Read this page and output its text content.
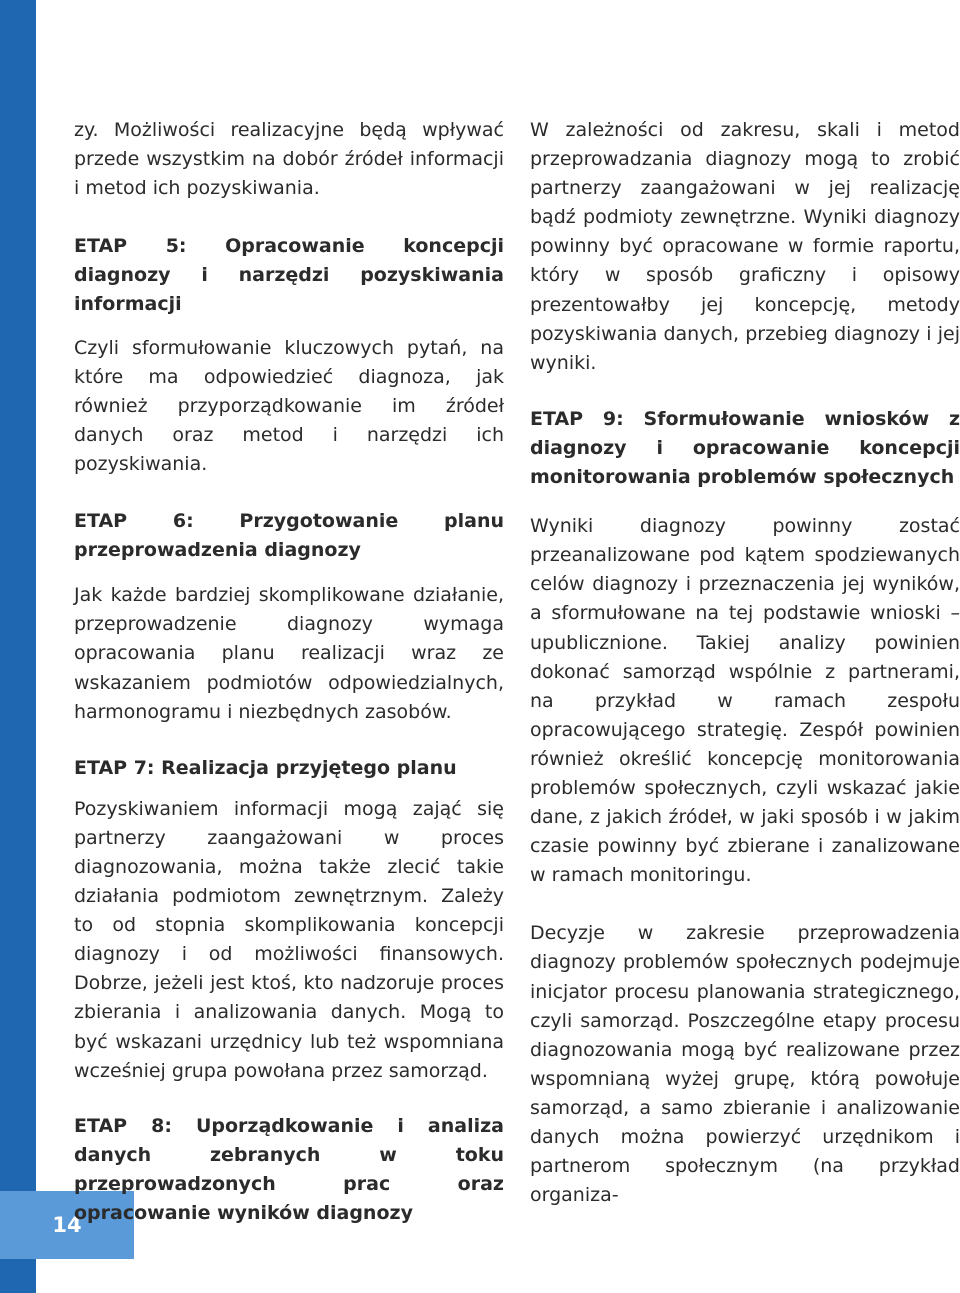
14

zy. Możliwości realizacyjne będą wpływać przede wszystkim na dobór źródeł informacji i metod ich pozyskiwania.

ETAP 5: Opracowanie koncepcji diagnozy i narzędzi pozyskiwania informacji

Czyli sformułowanie kluczowych pytań, na które ma odpowiedzieć diagnoza, jak również przyporządkowanie im źródeł danych oraz metod i narzędzi ich pozyskiwania.

ETAP 6: Przygotowanie planu przeprowadzenia diagnozy

Jak każde bardziej skomplikowane działanie, przeprowadzenie diagnozy wymaga opracowania planu realizacji wraz ze wskazaniem podmiotów odpowiedzialnych, harmonogramu i niezbędnych zasobów.

ETAP 7: Realizacja przyjętego planu

Pozyskiwaniem informacji mogą zająć się partnerzy zaangażowani w proces diagnozowania, można także zlecić takie działania podmiotom zewnętrznym. Zależy to od stopnia skomplikowania koncepcji diagnozy i od możliwości finansowych. Dobrze, jeżeli jest ktoś, kto nadzoruje proces zbierania i analizowania danych. Mogą to być wskazani urzędnicy lub też wspomniana wcześniej grupa powołana przez samorząd.

ETAP 8: Uporządkowanie i analiza danych zebranych w toku przeprowadzonych prac oraz opracowanie wyników diagnozy

W zależności od zakresu, skali i metod przeprowadzania diagnozy mogą to zrobić partnerzy zaangażowani w jej realizację bądź podmioty zewnętrzne. Wyniki diagnozy powinny być opracowane w formie raportu, który w sposób graficzny i opisowy prezentowałby jej koncepcję, metody pozyskiwania danych, przebieg diagnozy i jej wyniki.

ETAP 9: Sformułowanie wniosków z diagnozy i opracowanie koncepcji monitorowania problemów społecznych

Wyniki diagnozy powinny zostać przeanalizowane pod kątem spodziewanych celów diagnozy i przeznaczenia jej wyników, a sformułowane na tej podstawie wnioski – upublicznione. Takiej analizy powinien dokonać samorząd wspólnie z partnerami, na przykład w ramach zespołu opracowującego strategię. Zespół powinien również określić koncepcję monitorowania problemów społecznych, czyli wskazać jakie dane, z jakich źródeł, w jaki sposób i w jakim czasie powinny być zbierane i zanalizowane w ramach monitoringu.

Decyzje w zakresie przeprowadzenia diagnozy problemów społecznych podejmuje inicjator procesu planowania strategicznego, czyli samorząd. Poszczególne etapy procesu diagnozowania mogą być realizowane przez wspomnianą wyżej grupę, którą powołuje samorząd, a samo zbieranie i analizowanie danych można powierzyć urzędnikom i partnerom społecznym (na przykład organiza-
